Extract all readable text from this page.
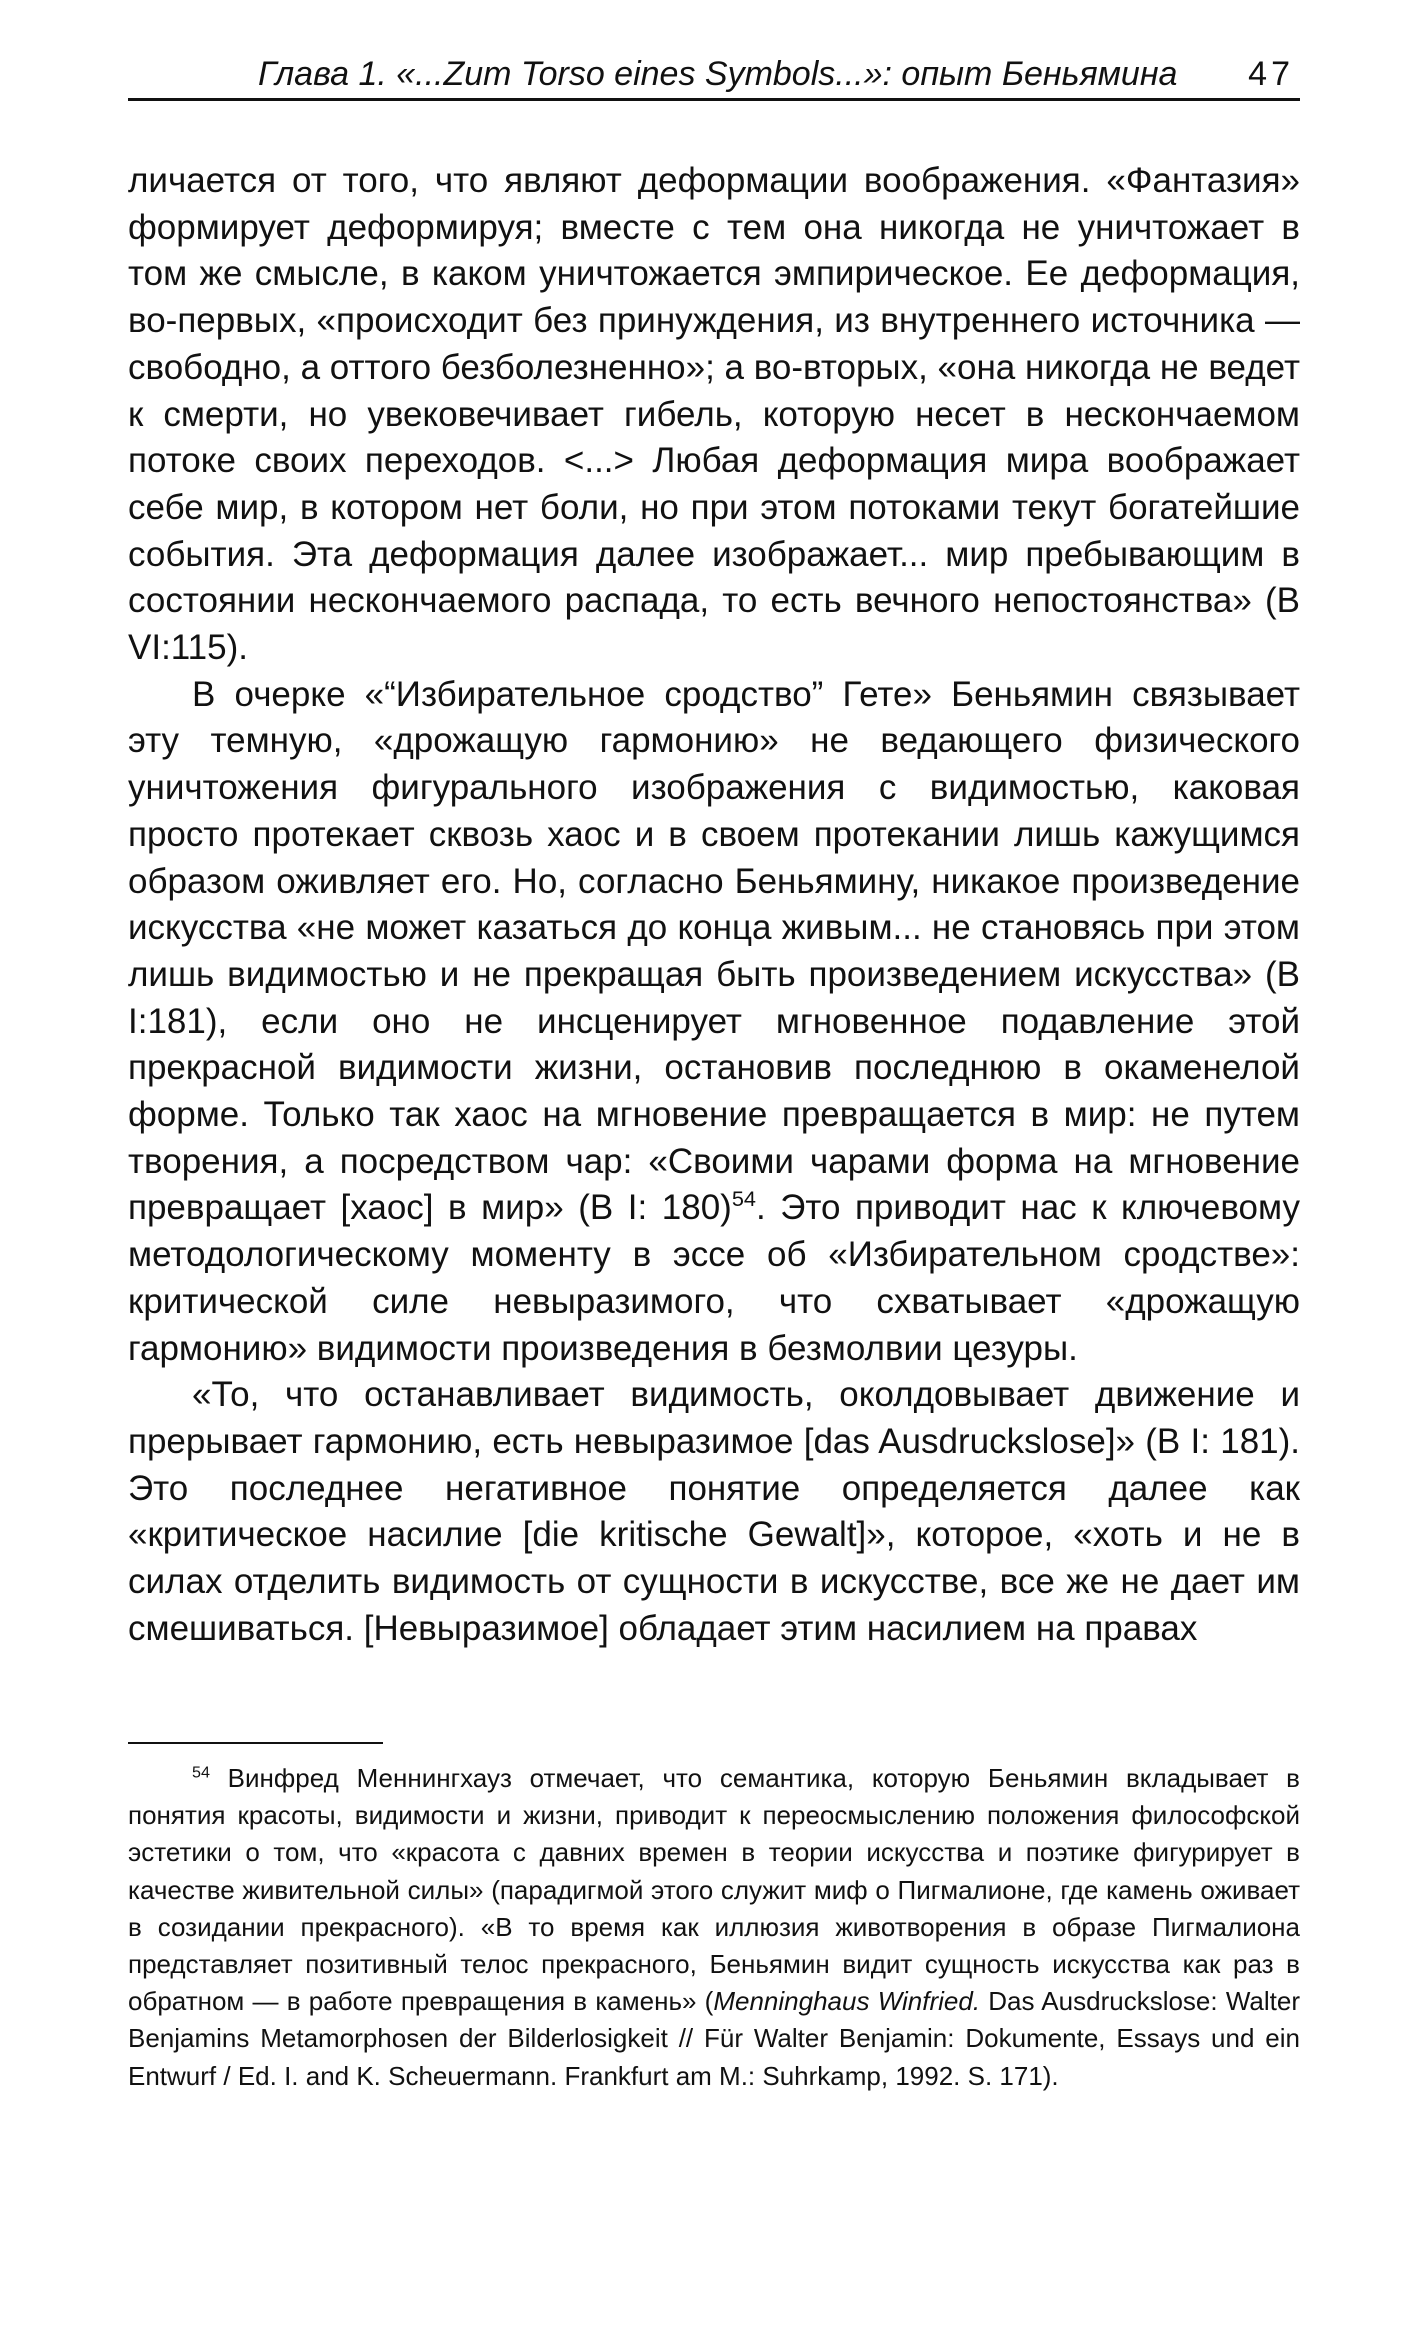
Глава 1. «...Zum Torso eines Symbols...»: опыт Беньямина 47

личается от того, что являют деформации воображения. «Фантазия» формирует деформируя; вместе с тем она никогда не уничтожает в том же смысле, в каком уничтожается эмпирическое. Ее деформация, во-первых, «происходит без принуждения, из внутреннего источника — свободно, а оттого безболезненно»; а во-вторых, «она никогда не ведет к смерти, но увековечивает гибель, которую несет в нескончаемом потоке своих переходов. <...> Любая деформация мира воображает себе мир, в котором нет боли, но при этом потоками текут богатейшие события. Эта деформация далее изображает... мир пребывающим в состоянии нескончаемого распада, то есть вечного непостоянства» (B VI:115).

В очерке «“Избирательное сродство” Гете» Беньямин связывает эту темную, «дрожащую гармонию» не ведающего физического уничтожения фигурального изображения с видимостью, каковая просто протекает сквозь хаос и в своем протекании лишь кажущимся образом оживляет его. Но, согласно Беньямину, никакое произведение искусства «не может казаться до конца живым... не становясь при этом лишь видимостью и не прекращая быть произведением искусства» (B I:181), если оно не инсценирует мгновенное подавление этой прекрасной видимости жизни, остановив последнюю в окаменелой форме. Только так хаос на мгновение превращается в мир: не путем творения, а посредством чар: «Своими чарами форма на мгновение превращает [хаос] в мир» (B I: 180)$^{54}$. Это приводит нас к ключевому методологическому моменту в эссе об «Избирательном сродстве»: критической силе невыразимого, что схватывает «дрожащую гармонию» видимости произведения в безмолвии цезуры.

«То, что останавливает видимость, околдовывает движение и прерывает гармонию, есть невыразимое [das Ausdruckslose]» (B I: 181). Это последнее негативное понятие определяется далее как «критическое насилие [die kritische Gewalt]», которое, «хоть и не в силах отделить видимость от сущности в искусстве, все же не дает им смешиваться. [Невыразимое] обладает этим насилием на правах

$^{54}$ Винфред Меннингхауз отмечает, что семантика, которую Беньямин вкладывает в понятия красоты, видимости и жизни, приводит к переосмыслению положения философской эстетики о том, что «красота с давних времен в теории искусства и поэтике фигурирует в качестве живительной силы» (парадигмой этого служит миф о Пигмалионе, где камень оживает в созидании прекрасного). «В то время как иллюзия животворения в образе Пигмалиона представляет позитивный телос прекрасного, Беньямин видит сущность искусства как раз в обратном — в работе превращения в камень» (Menninghaus Winfried. Das Ausdruckslose: Walter Benjamins Metamorphosen der Bilderlosigkeit // Für Walter Benjamin: Dokumente, Essays und ein Entwurf / Ed. I. and K. Scheuermann. Frankfurt am M.: Suhrkamp, 1992. S. 171).
